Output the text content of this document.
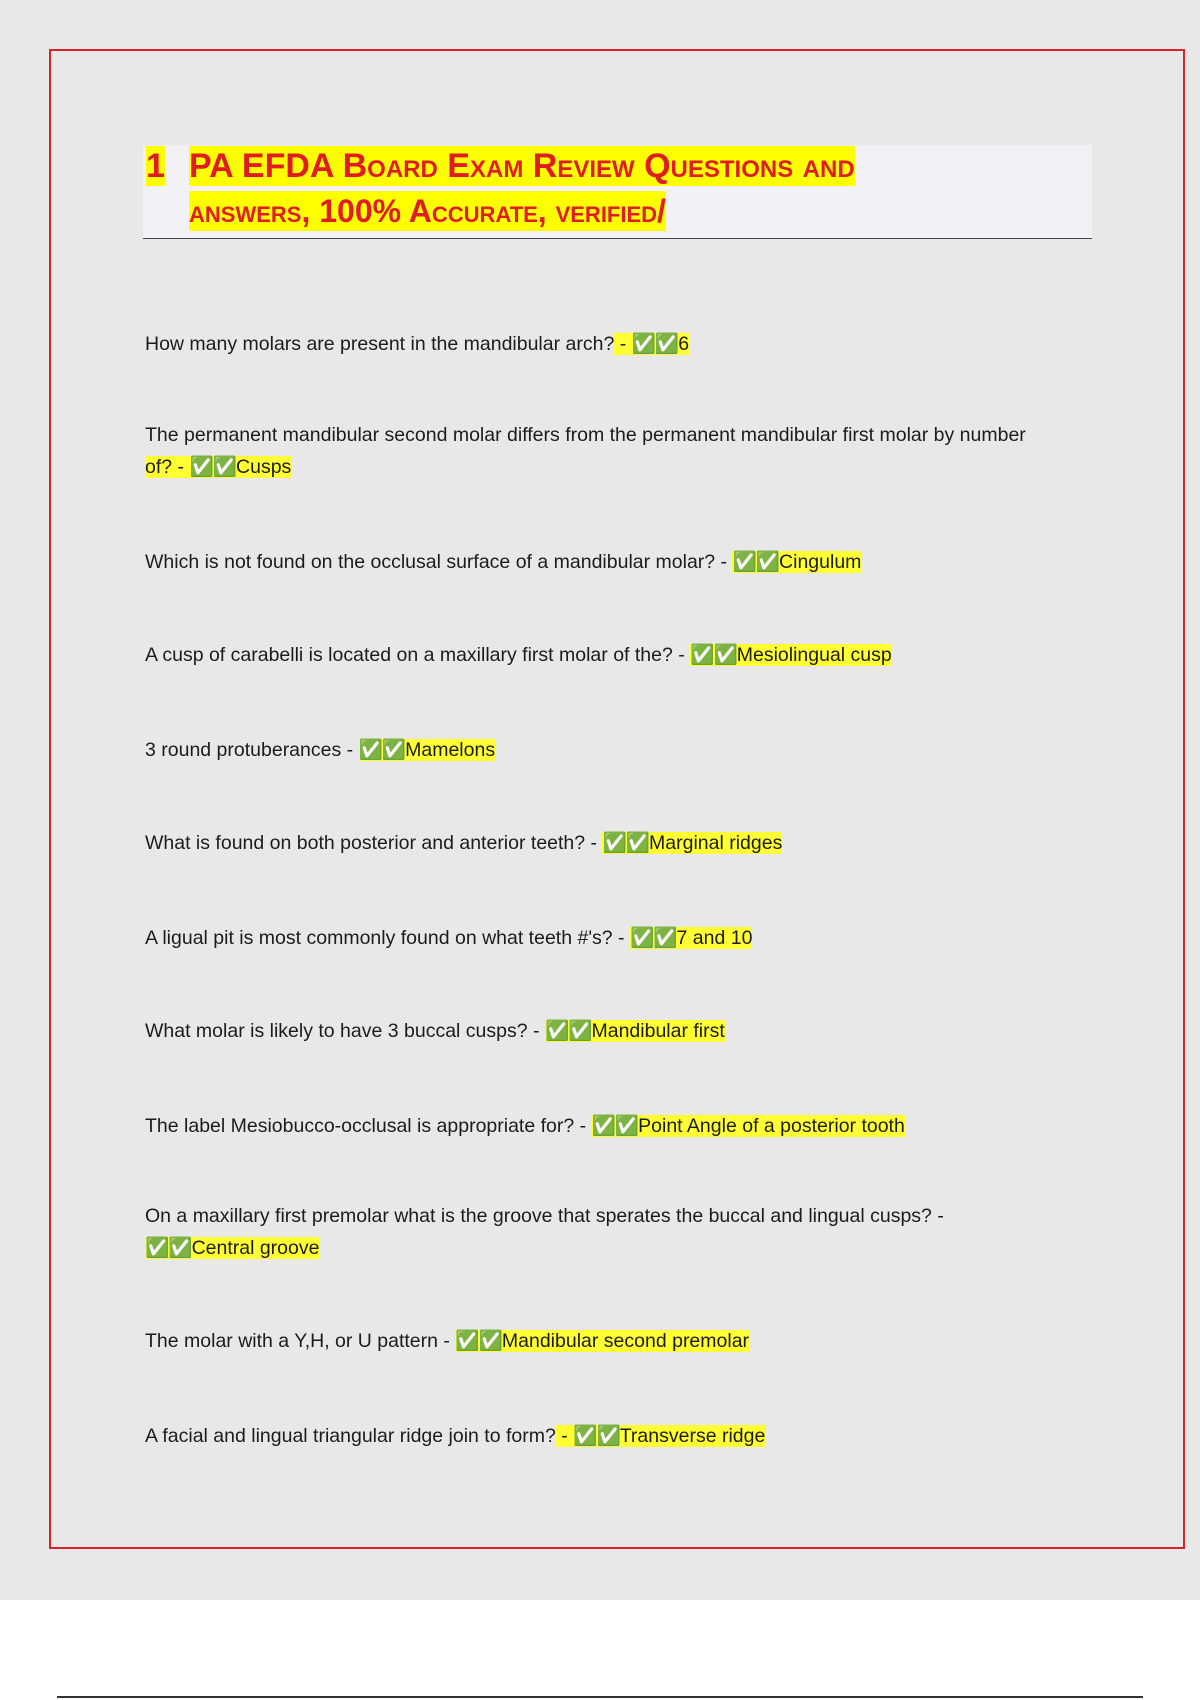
1 PA EFDA Board Exam Review Questions and
answers, 100% Accurate, verified/
How many molars are present in the mandibular arch? - ✅✅6
The permanent mandibular second molar differs from the permanent mandibular first molar by number
of? - ✅✅Cusps
Which is not found on the occlusal surface of a mandibular molar? - ✅✅Cingulum
A cusp of carabelli is located on a maxillary first molar of the? - ✅✅Mesiolingual cusp
3 round protuberances - ✅✅Mamelons
What is found on both posterior and anterior teeth? - ✅✅Marginal ridges
A ligual pit is most commonly found on what teeth #'s? - ✅✅7 and 10
What molar is likely to have 3 buccal cusps? - ✅✅Mandibular first
The label Mesiobucco-occlusal is appropriate for? - ✅✅Point Angle of a posterior tooth
On a maxillary first premolar what is the groove that sperates the buccal and lingual cusps? -
✅✅Central groove
The molar with a Y,H, or U pattern - ✅✅Mandibular second premolar
A facial and lingual triangular ridge join to form? - ✅✅Transverse ridge
